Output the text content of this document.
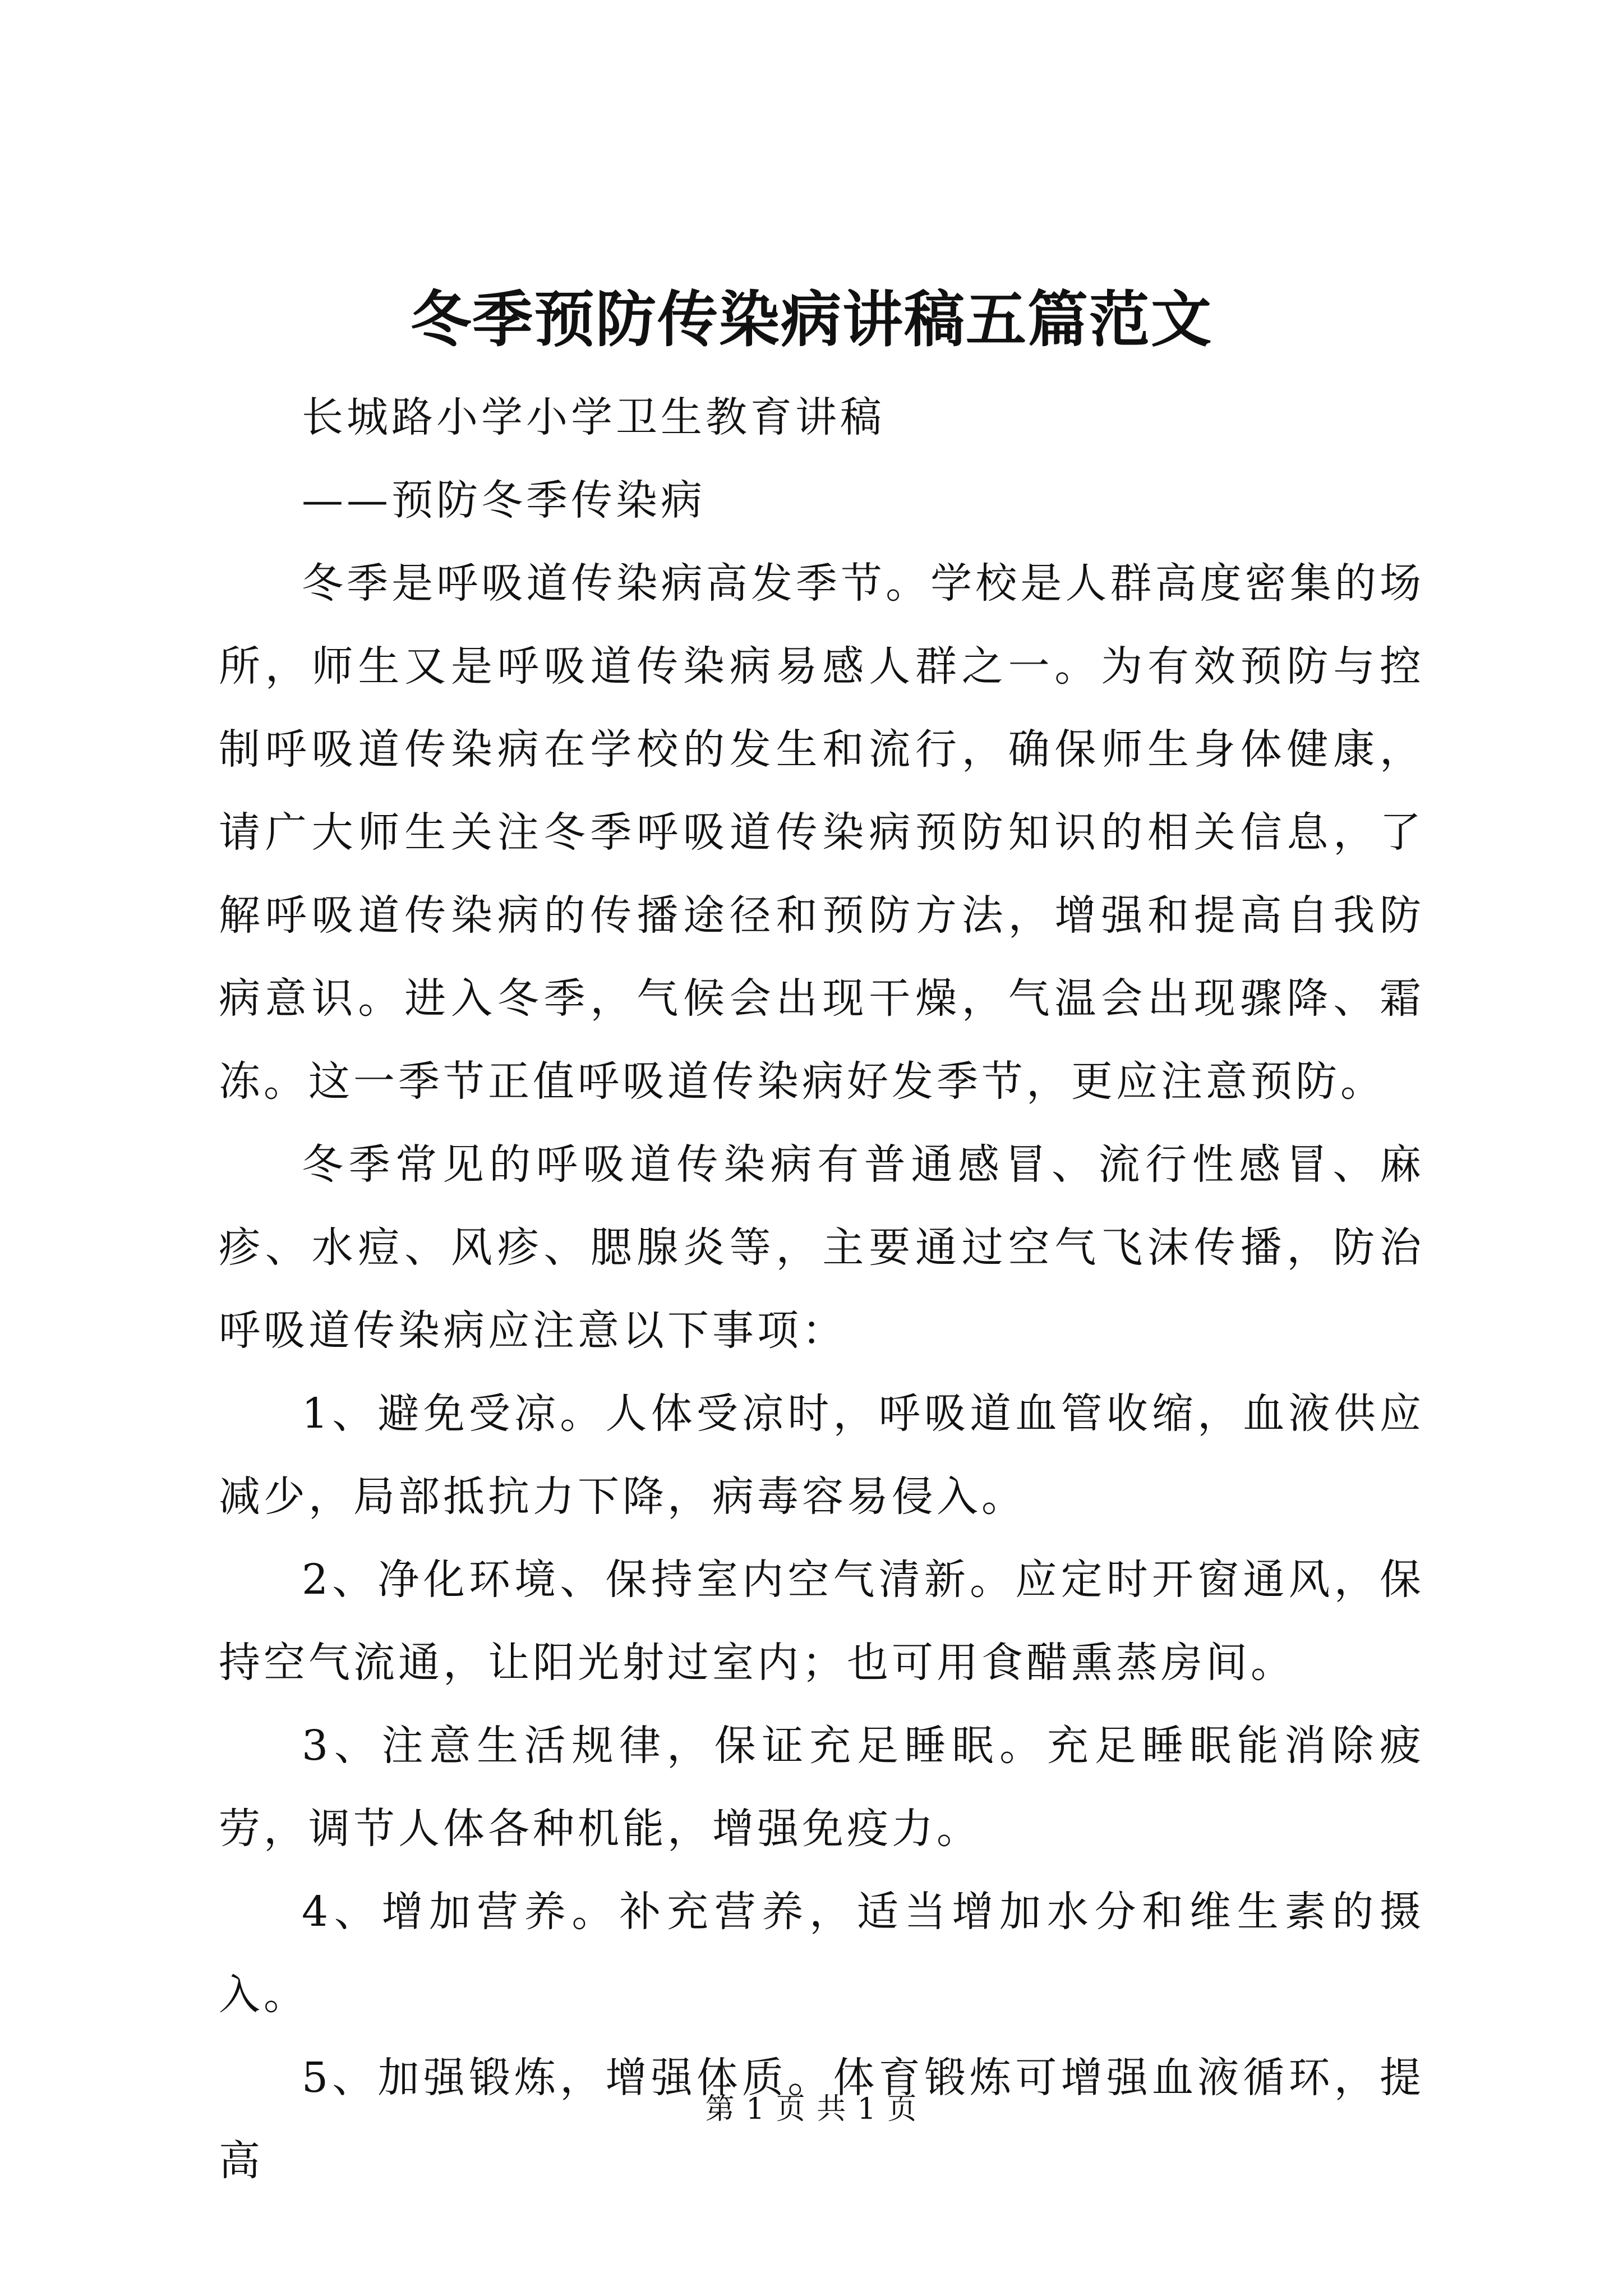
冬季预防传染病讲稿五篇范文

长城路小学小学卫生教育讲稿

——预防冬季传染病

冬季是呼吸道传染病高发季节。学校是人群高度密集的场所，师生又是呼吸道传染病易感人群之一。为有效预防与控制呼吸道传染病在学校的发生和流行，确保师生身体健康，请广大师生关注冬季呼吸道传染病预防知识的相关信息，了解呼吸道传染病的传播途径和预防方法，增强和提高自我防病意识。进入冬季，气候会出现干燥，气温会出现骤降、霜冻。这一季节正值呼吸道传染病好发季节，更应注意预防。

冬季常见的呼吸道传染病有普通感冒、流行性感冒、麻疹、水痘、风疹、腮腺炎等，主要通过空气飞沫传播，防治呼吸道传染病应注意以下事项：

1、避免受凉。人体受凉时，呼吸道血管收缩，血液供应减少，局部抵抗力下降，病毒容易侵入。

2、净化环境、保持室内空气清新。应定时开窗通风，保持空气流通，让阳光射过室内；也可用食醋熏蒸房间。

3、注意生活规律，保证充足睡眠。充足睡眠能消除疲劳，调节人体各种机能，增强免疫力。

4、增加营养。补充营养，适当增加水分和维生素的摄入。

5、加强锻炼，增强体质。体育锻炼可增强血液循环，提高

第 1 页 共 1 页
